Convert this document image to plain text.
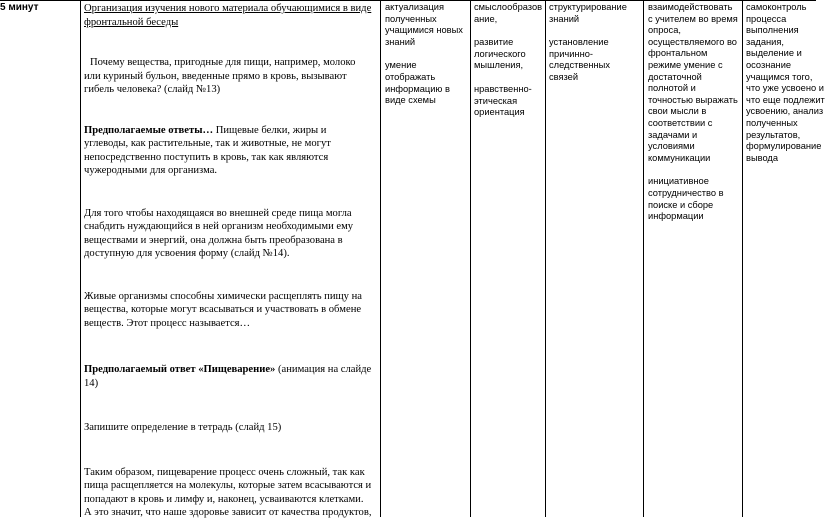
5 минут	Организация изучения нового материала обучающимися в виде фронтальной беседы

Почему вещества, пригодные для пищи, например, молоко или куриный бульон, введенные прямо в кровь, вызывают гибель человека? (слайд №13)

Предполагаемые ответы… Пищевые белки, жиры и углеводы, как растительные, так и животные, не могут непосредственно поступить в кровь, так как являются чужеродными для организма.

Для того чтобы находящаяся во внешней среде пища могла снабдить нуждающийся в ней организм необходимыми ему веществами и энергий, она должна быть преобразована в доступную для усвоения форму (слайд №14).

Живые организмы способны химически расщеплять пищу на вещества, которые могут всасываться и участвовать в обмене веществ. Этот процесс называется…

Предполагаемый ответ «Пищеварение» (анимация на слайде 14)

Запишите определение в тетрадь (слайд 15)

Таким образом, пищеварение процесс очень сложный, так как пища расщепляется на молекулы, которые затем всасываются и попадают в кровь и лимфу и, наконец, усваиваются клетками. А это значит, что наше здоровье зависит от качества продуктов,

актуализация полученных учащимися новых знаний

умение отображать информацию в виде схемы

смыслообразов ание,

развитие логического мышления,

нравственно-этическая ориентация

структурирование знаний

установление причинно-следственных связей

взаимодействовать с учителем во время опроса, осуществляемого во фронтальном режиме умение с достаточной полнотой и точностью выражать свои мысли в соответствии с задачами и условиями коммуникации

инициативное сотрудничество в поиске и сборе информации

самоконтроль процесса выполнения задания,

выделение и осознание учащимся того, что уже усвоено и что еще подлежит усвоению, анализ полученных результатов, формулирование вывода
